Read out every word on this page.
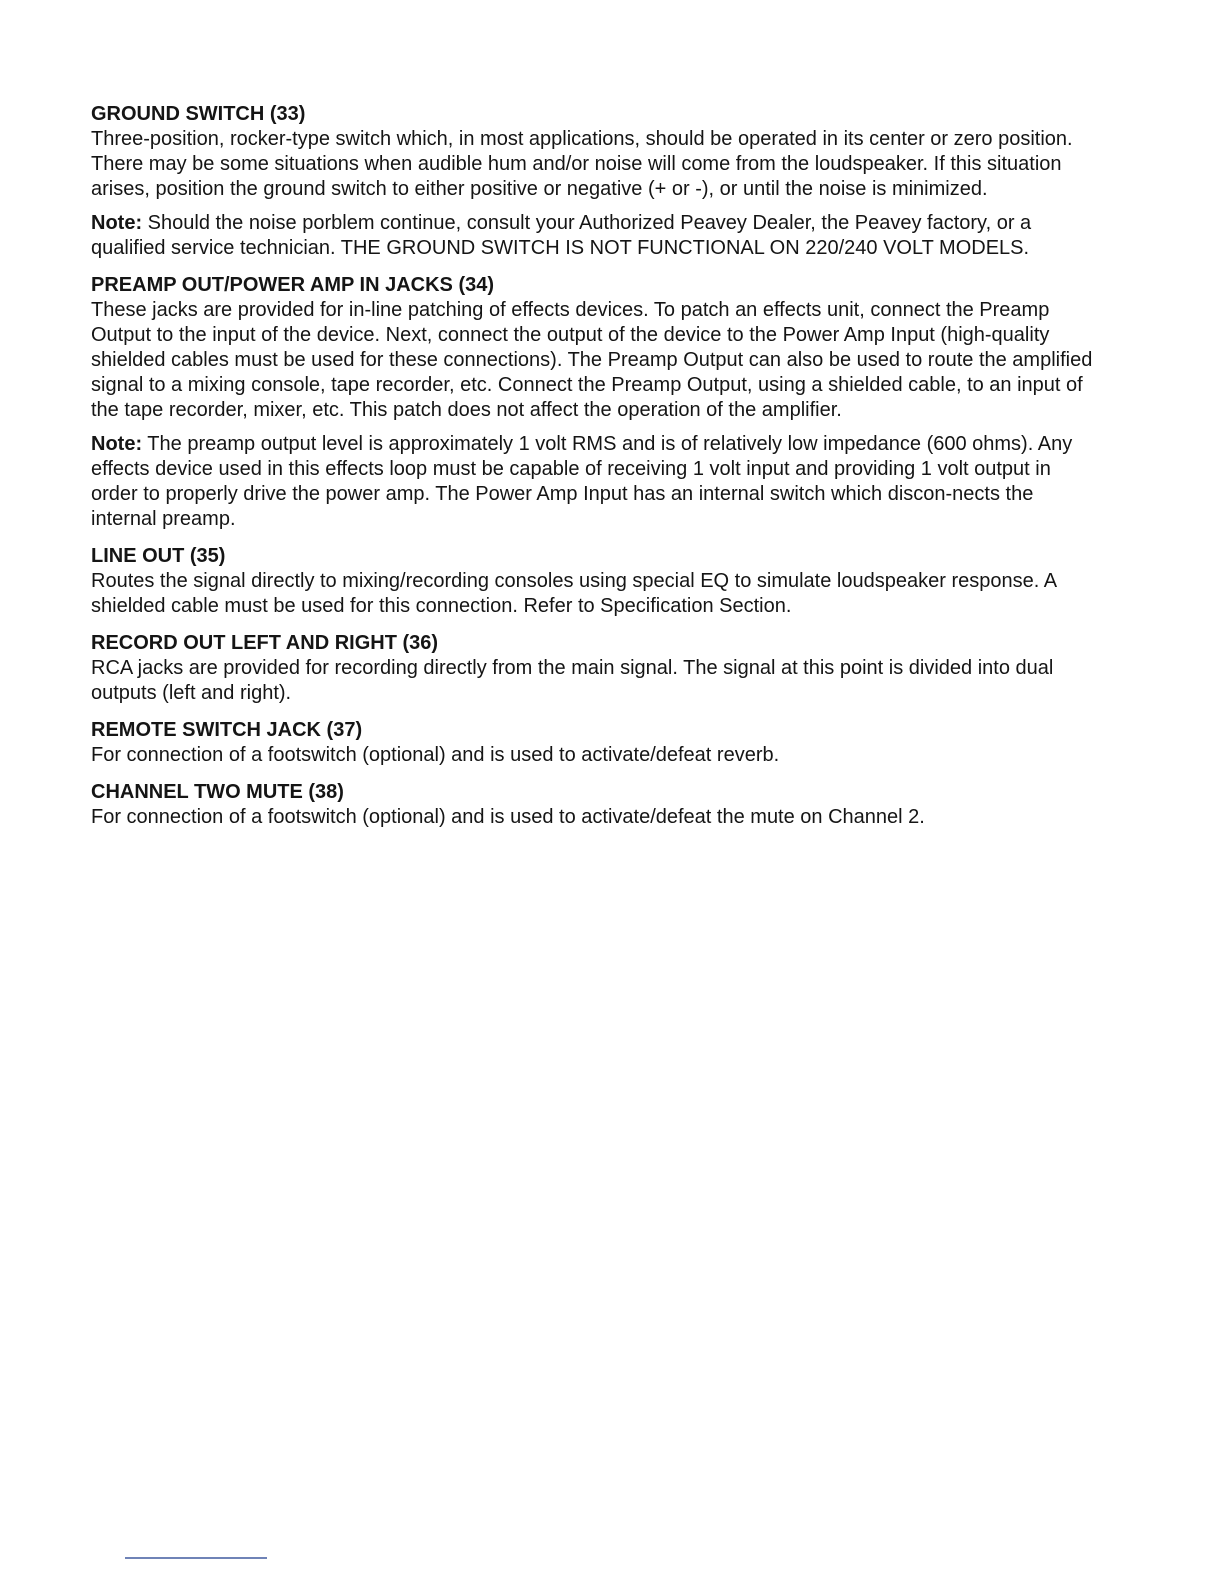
GROUND SWITCH (33)

Three-position, rocker-type switch which, in most applications, should be operated in its center or zero position. There may be some situations when audible hum and/or noise will come from the loudspeaker. If this situation arises, position the ground switch to either positive or negative (+ or -), or until the noise is minimized.

Note: Should the noise porblem continue, consult your Authorized Peavey Dealer, the Peavey factory, or a qualified service technician. THE GROUND SWITCH IS NOT FUNCTIONAL ON 220/240 VOLT MODELS.

PREAMP OUT/POWER AMP IN JACKS (34)

These jacks are provided for in-line patching of effects devices. To patch an effects unit, connect the Preamp Output to the input of the device. Next, connect the output of the device to the Power Amp Input (high-quality shielded cables must be used for these connections). The Preamp Output can also be used to route the amplified signal to a mixing console, tape recorder, etc. Connect the Preamp Output, using a shielded cable, to an input of the tape recorder, mixer, etc. This patch does not affect the operation of the amplifier.

Note: The preamp output level is approximately 1 volt RMS and is of relatively low impedance (600 ohms). Any effects device used in this effects loop must be capable of receiving 1 volt input and providing 1 volt output in order to properly drive the power amp. The Power Amp Input has an internal switch which discon-nects the internal preamp.

LINE OUT (35)

Routes the signal directly to mixing/recording consoles using special EQ to simulate loudspeaker response. A shielded cable must be used for this connection. Refer to Specification Section.

RECORD OUT LEFT AND RIGHT (36)

RCA jacks are provided for recording directly from the main signal. The signal at this point is divided into dual outputs (left and right).

REMOTE SWITCH JACK (37)

For connection of a footswitch (optional) and is used to activate/defeat reverb.

CHANNEL TWO MUTE (38)

For connection of a footswitch (optional) and is used to activate/defeat the mute on Channel 2.
